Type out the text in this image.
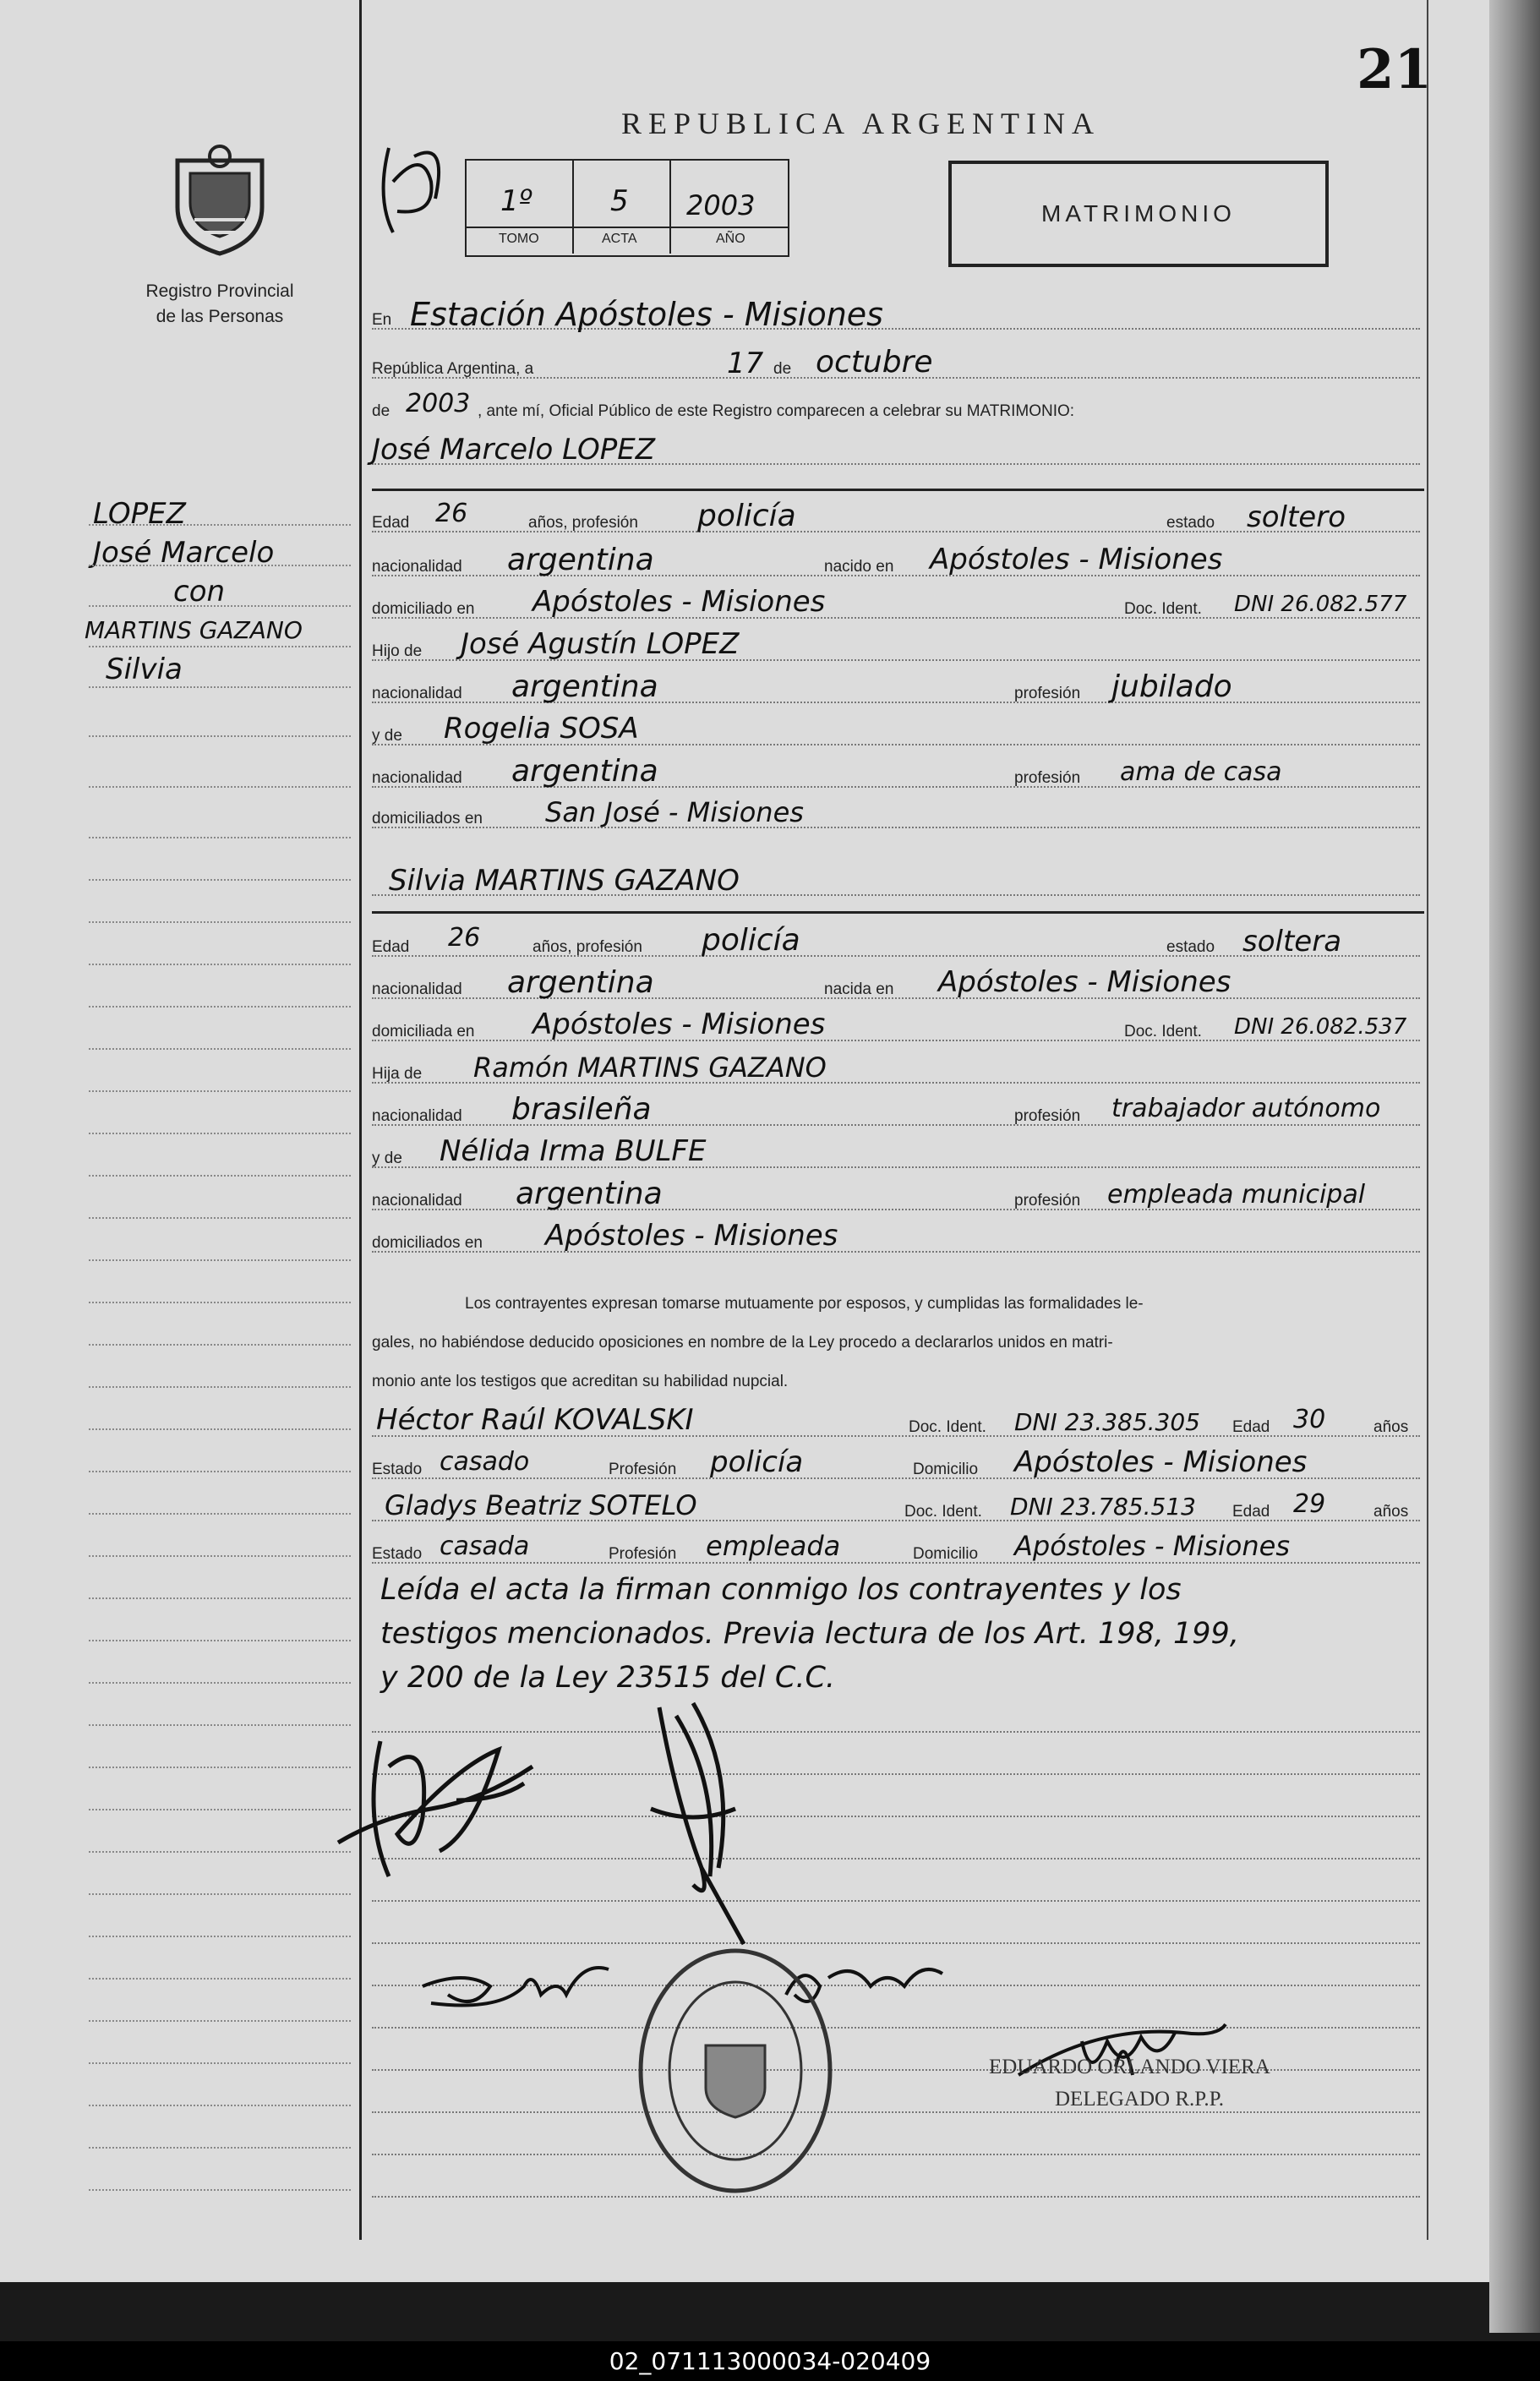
Registro Provincial
de las Personas
LOPEZ
José Marcelo
con
MARTINS GAZANO
Silvia
21
REPUBLICA ARGENTINA
1º	5 2003
TOMO	ACTA	AÑO
MATRIMONIO
En Estación Apóstoles - Misiones
República Argentina, a	17 de octubre
de 2003 , ante mí, Oficial Público de este Registro comparecen a celebrar su MATRIMONIO:
José Marcelo LOPEZ
Edad 26	años, profesión policía	estado soltero
nacionalidad argentina	nacido en Apóstoles - Misiones
domiciliado en Apóstoles - Misiones	Doc. Ident. DNI 26.082.577
Hijo de José Agustín LOPEZ
nacionalidad argentina	profesión jubilado
y de Rogelia SOSA
nacionalidad argentina	profesión ama de casa
domiciliados en San José - Misiones
Silvia MARTINS GAZANO
Edad 26	años, profesión policía	estado soltera
nacionalidad argentina	nacida en Apóstoles - Misiones
domiciliada en Apóstoles - Misiones	Doc. Ident. DNI 26.082.537
Hija de Ramón MARTINS GAZANO
nacionalidad brasileña	profesión trabajador autónomo
y de Nélida Irma BULFE
nacionalidad argentina	profesión empleada municipal
domiciliados en Apóstoles - Misiones
Los contrayentes expresan tomarse mutuamente por esposos, y cumplidas las formalidades le-
gales, no habiéndose deducido oposiciones en nombre de la Ley procedo a declararlos unidos en matri-
monio ante los testigos que acreditan su habilidad nupcial.
Héctor Raúl KOVALSKI	Doc. Ident. DNI 23.385.305 Edad 30	años
Estado casado	Profesión policía	Domicilio Apóstoles - Misiones
Gladys Beatriz SOTELO	Doc. Ident. DNI 23.785.513 Edad 29	años
Estado casada	Profesión empleada	Domicilio Apóstoles - Misiones
Leída el acta la firman conmigo los contrayentes y los
testigos mencionados. Previa lectura de los Art. 198, 199,
y 200 de la Ley 23515 del C.C.
EDUARDO ORLANDO VIERA
DELEGADO R.P.P.
02_071113000034-020409
